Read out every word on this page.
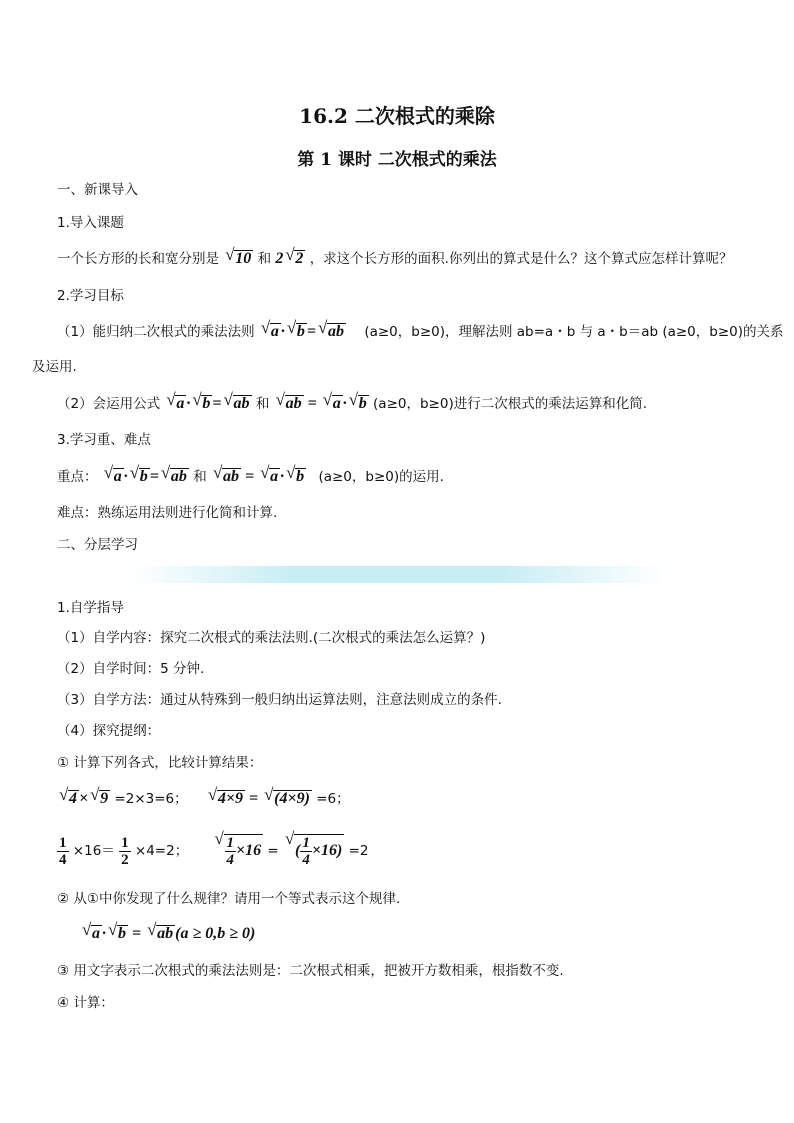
16.2 二次根式的乘除
第 1 课时 二次根式的乘法
一、新课导入
1.导入课题
一个长方形的长和宽分别是 √ 10 和 2 √ 2 ，求这个长方形的面积.你列出的算式是什么？这个算式应怎样计算呢？
2.学习目标
（1）能归纳二次根式的乘法法则 √ a · √ b = √ ab (a≥0，b≥0)，理解法则 ab=a・b 与 a・b＝ab (a≥0，b≥0)的关系
及运用.
（2）会运用公式 √ a · √ b = √ ab 和 √ ab = √ a · √ b (a≥0，b≥0)进行二次根式的乘法运算和化简.
3.学习重、难点
重点： √ a · √ b = √ ab 和 √ ab = √ a · √ b (a≥0，b≥0)的运用.
难点：熟练运用法则进行化简和计算.
二、分层学习
1.自学指导
（1）自学内容：探究二次根式的乘法法则.(二次根式的乘法怎么运算？)
（2）自学时间：5 分钟.
（3）自学方法：通过从特殊到一般归纳出运算法则，注意法则成立的条件.
（4）探究提纲：
① 计算下列各式，比较计算结果：
√ 4 × √ 9 =2×3=6； √ 4×9 = √ (4×9) =6；
$\frac{1}{4} \times 16= \frac{1}{2} \times 4=2$； √ $\frac{1}{4} \times 16$ = √ ( $\frac{1}{4} \times 16) =2$
② 从①中你发现了什么规律？请用一个等式表示这个规律.
√ a · √ b = √ ab (a ≥ 0,b ≥ 0)
③ 用文字表示二次根式的乘法法则是：二次根式相乘，把被开方数相乘，根指数不变.
④ 计算：
